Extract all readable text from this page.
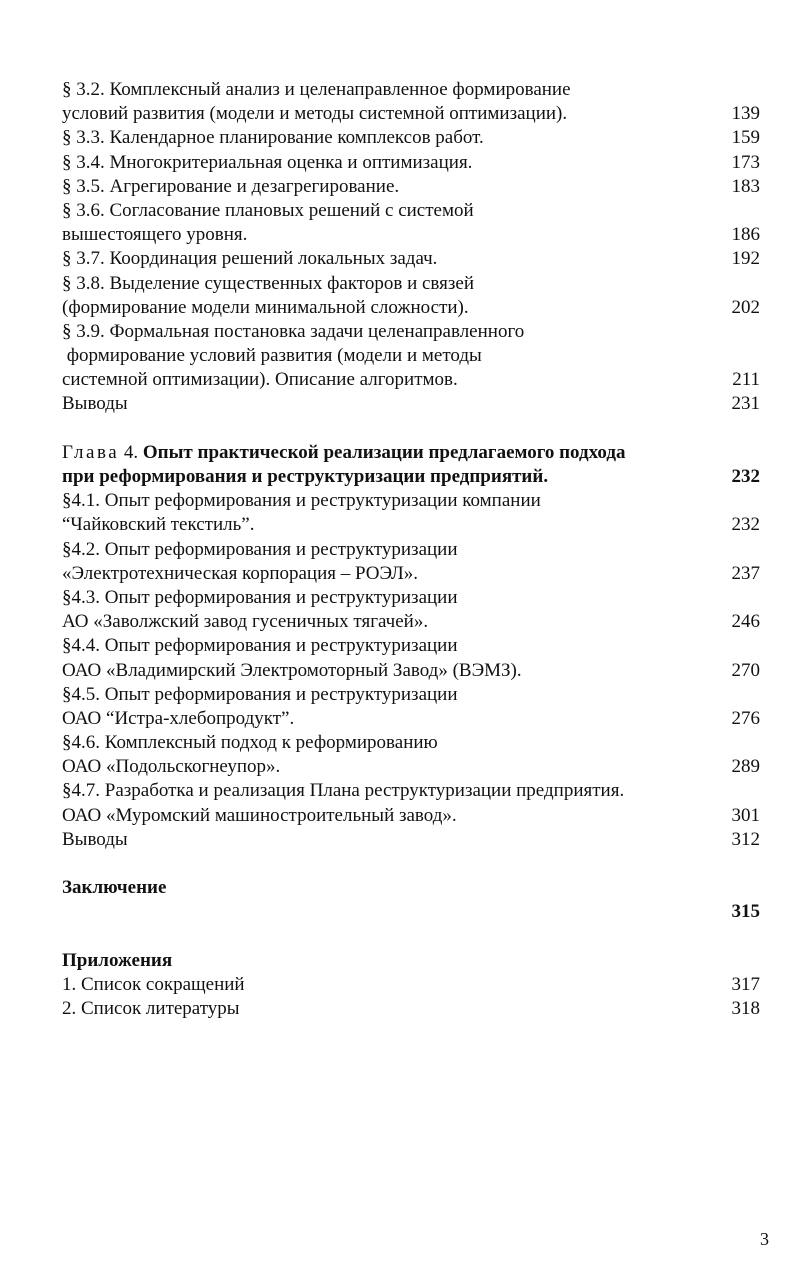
§ 3.2. Комплексный анализ и целенаправленное формирование
условий развития (модели и методы системной оптимизации).	139
§ 3.3. Календарное планирование комплексов работ.	159
§ 3.4. Многокритериальная оценка и оптимизация.	173
§ 3.5. Агрегирование и дезагрегирование.	183
§ 3.6. Согласование плановых решений с системой
вышестоящего уровня.	186
§ 3.7. Координация решений локальных задач.	192
§ 3.8. Выделение существенных факторов и связей
(формирование модели минимальной сложности).	202
§ 3.9. Формальная постановка задачи целенаправленного
формирование условий развития (модели и методы
системной оптимизации). Описание алгоритмов.	211
Выводы	231
Глава 4. Опыт практической реализации предлагаемого подхода
при реформирования и реструктуризации предприятий.	232
§4.1. Опыт реформирования и реструктуризации компании
“Чайковский текстиль”.	232
§4.2. Опыт реформирования и реструктуризации
«Электротехническая корпорация – РОЭЛ».	237
§4.3. Опыт реформирования и реструктуризации
АО «Заволжский завод гусеничных тягачей».	246
§4.4. Опыт реформирования и реструктуризации
ОАО «Владимирский Электромоторный Завод» (ВЭМЗ).	270
§4.5. Опыт реформирования и реструктуризации
ОАО “Истра-хлебопродукт”.	276
§4.6. Комплексный подход к реформированию
ОАО «Подольскогнеупор».	289
§4.7. Разработка и реализация Плана реструктуризации предприятия.
ОАО «Муромский машиностроительный завод».	301
Выводы	312
Заключение
315
Приложения
1. Список сокращений	317
2. Список литературы	318
3
